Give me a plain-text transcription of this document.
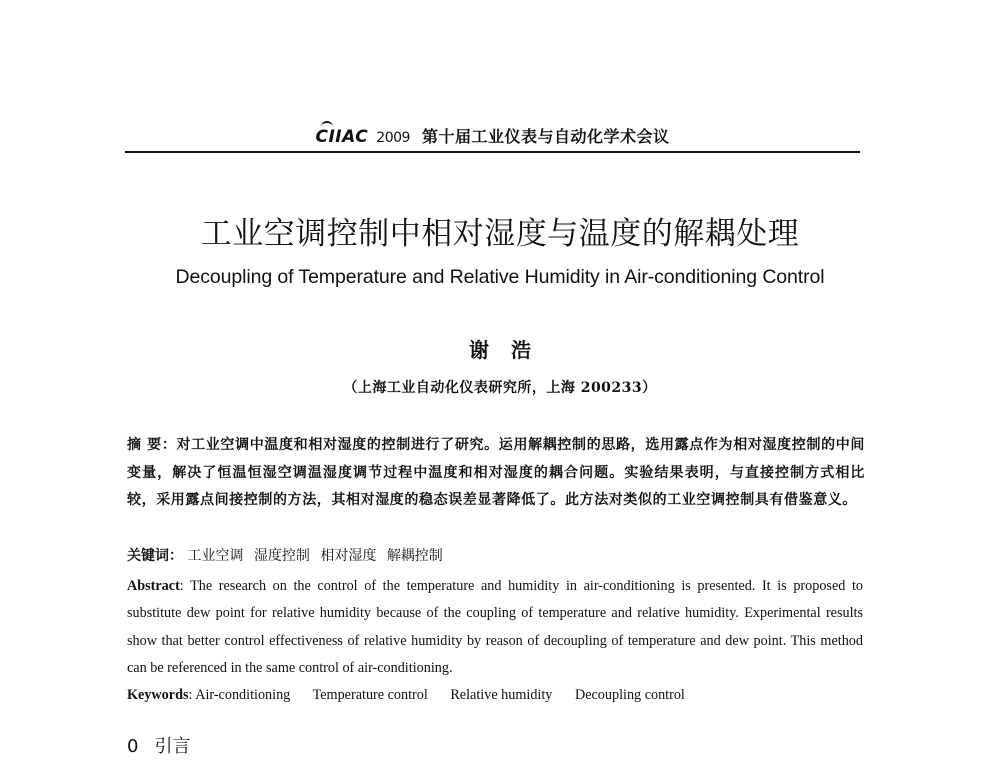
CIIAC 2009 第十届工业仪表与自动化学术会议
工业空调控制中相对湿度与温度的解耦处理
Decoupling of Temperature and Relative Humidity in Air-conditioning Control
谢浩
（上海工业自动化仪表研究所，上海 200233）
摘 要：对工业空调中温度和相对湿度的控制进行了研究。运用解耦控制的思路，选用露点作为相对湿度控制的中间变量，解决了恒温恒湿空调温湿度调节过程中温度和相对湿度的耦合问题。实验结果表明，与直接控制方式相比较，采用露点间接控制的方法，其相对湿度的稳态误差显著降低了。此方法对类似的工业空调控制具有借鉴意义。
关键词： 工业空调 湿度控制 相对湿度 解耦控制
Abstract: The research on the control of the temperature and humidity in air-conditioning is presented. It is proposed to substitute dew point for relative humidity because of the coupling of temperature and relative humidity. Experimental results show that better control effectiveness of relative humidity by reason of decoupling of temperature and dew point. This method can be referenced in the same control of air-conditioning.
Keywords: Air-conditioning Temperature control Relative humidity Decoupling control
0 引言
